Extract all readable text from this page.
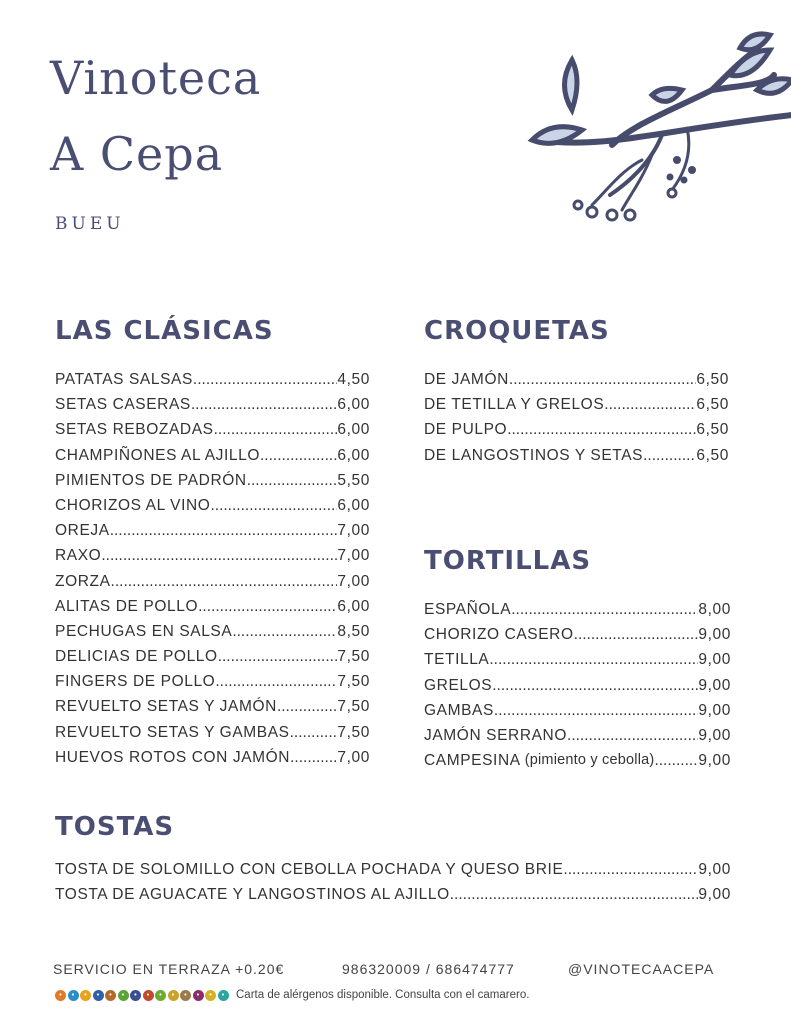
Vinoteca
A Cepa

BUEU

LAS CLÁSICAS
PATATAS SALSAS .....	4,50
SETAS CASERAS .....	6,00
SETAS REBOZADAS .....	6,00
CHAMPIÑONES AL AJILLO .....	6,00
PIMIENTOS DE PADRÓN .....	5,50
CHORIZOS AL VINO .....	6,00
OREJA .....	7,00
RAXO .....	7,00
ZORZA .....	7,00
ALITAS DE POLLO .....	6,00
PECHUGAS EN SALSA .....	8,50
DELICIAS DE POLLO .....	7,50
FINGERS DE POLLO .....	7,50
REVUELTO SETAS Y JAMÓN .....	7,50
REVUELTO SETAS Y GAMBAS .....	7,50
HUEVOS ROTOS CON JAMÓN .....	7,00
CROQUETAS
DE JAMÓN .....	6,50
DE TETILLA Y GRELOS .....	6,50
DE PULPO .....	6,50
DE LANGOSTINOS Y SETAS .....	6,50
TORTILLAS
ESPAÑOLA .....	8,00
CHORIZO CASERO .....	9,00
TETILLA .....	9,00
GRELOS .....	9,00
GAMBAS .....	9,00
JAMÓN SERRANO .....	9,00
CAMPESINA (pimiento y cebolla) .....	9,00
TOSTAS
TOSTA DE SOLOMILLO CON CEBOLLA POCHADA Y QUESO BRIE .....	9,00
TOSTA DE AGUACATE Y LANGOSTINOS AL AJILLO .....	9,00

SERVICIO EN TERRAZA +0.20€	986320009 / 686474777	@VINOTECAACEPA

•	•	•	•	•	•	•	•	•	•	•	•	•	• Carta de alérgenos disponible. Consulta con el camarero.
